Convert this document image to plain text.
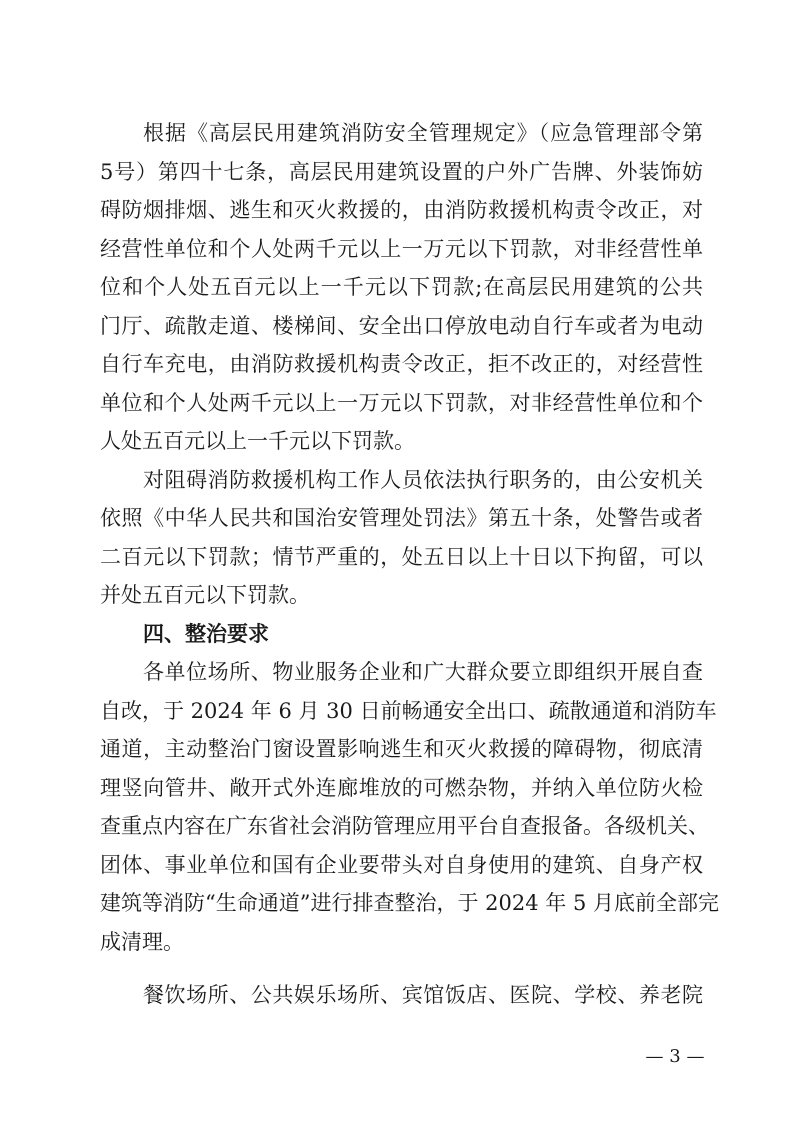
根据《高层民用建筑消防安全管理规定》（应急管理部令第
5号）第四十七条，高层民用建筑设置的户外广告牌、外装饰妨
碍防烟排烟、逃生和灭火救援的，由消防救援机构责令改正，对
经营性单位和个人处两千元以上一万元以下罚款，对非经营性单
位和个人处五百元以上一千元以下罚款;在高层民用建筑的公共
门厅、疏散走道、楼梯间、安全出口停放电动自行车或者为电动
自行车充电，由消防救援机构责令改正，拒不改正的，对经营性
单位和个人处两千元以上一万元以下罚款，对非经营性单位和个
人处五百元以上一千元以下罚款。
对阻碍消防救援机构工作人员依法执行职务的，由公安机关
依照《中华人民共和国治安管理处罚法》第五十条，处警告或者
二百元以下罚款；情节严重的，处五日以上十日以下拘留，可以
并处五百元以下罚款。
四、整治要求
各单位场所、物业服务企业和广大群众要立即组织开展自查
自改，于 2024 年 6 月 30 日前畅通安全出口、疏散通道和消防车
通道，主动整治门窗设置影响逃生和灭火救援的障碍物，彻底清
理竖向管井、敞开式外连廊堆放的可燃杂物，并纳入单位防火检
查重点内容在广东省社会消防管理应用平台自查报备。各级机关、
团体、事业单位和国有企业要带头对自身使用的建筑、自身产权
建筑等消防“生命通道”进行排查整治，于 2024 年 5 月底前全部完
成清理。
餐饮场所、公共娱乐场所、宾馆饭店、医院、学校、养老院
— 3 —
